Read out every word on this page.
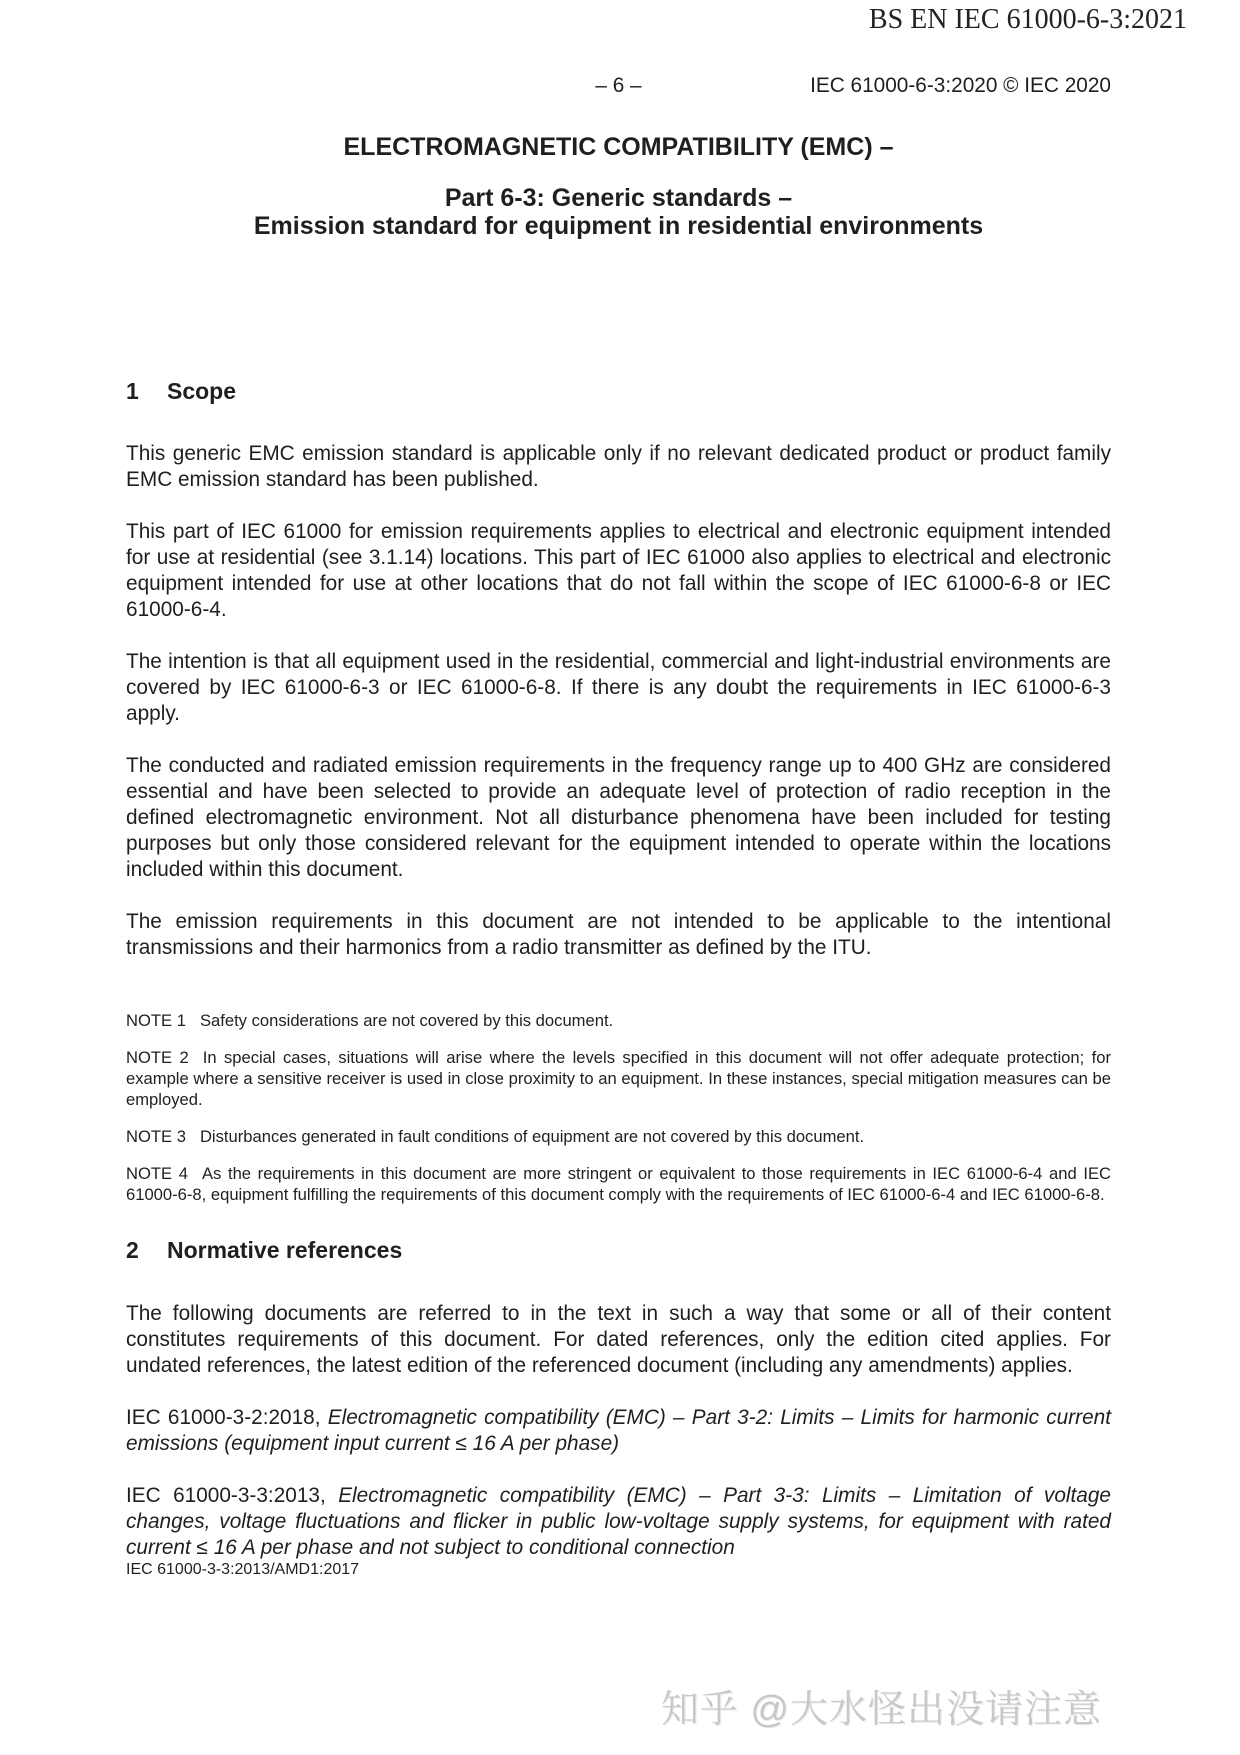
BS EN IEC 61000-6-3:2021
– 6 –	IEC 61000-6-3:2020 © IEC 2020
ELECTROMAGNETIC COMPATIBILITY (EMC) –
Part 6-3: Generic standards –
Emission standard for equipment in residential environments
1 Scope

This generic EMC emission standard is applicable only if no relevant dedicated product or product family EMC emission standard has been published.

This part of IEC 61000 for emission requirements applies to electrical and electronic equipment intended for use at residential (see 3.1.14) locations. This part of IEC 61000 also applies to electrical and electronic equipment intended for use at other locations that do not fall within the scope of IEC 61000-6-8 or IEC 61000-6-4.

The intention is that all equipment used in the residential, commercial and light-industrial environments are covered by IEC 61000-6-3 or IEC 61000-6-8. If there is any doubt the requirements in IEC 61000-6-3 apply.

The conducted and radiated emission requirements in the frequency range up to 400 GHz are considered essential and have been selected to provide an adequate level of protection of radio reception in the defined electromagnetic environment. Not all disturbance phenomena have been included for testing purposes but only those considered relevant for the equipment intended to operate within the locations included within this document.

The emission requirements in this document are not intended to be applicable to the intentional transmissions and their harmonics from a radio transmitter as defined by the ITU.

NOTE 1 Safety considerations are not covered by this document.

NOTE 2 In special cases, situations will arise where the levels specified in this document will not offer adequate protection; for example where a sensitive receiver is used in close proximity to an equipment. In these instances, special mitigation measures can be employed.

NOTE 3 Disturbances generated in fault conditions of equipment are not covered by this document.

NOTE 4 As the requirements in this document are more stringent or equivalent to those requirements in IEC 61000-6-4 and IEC 61000-6-8, equipment fulfilling the requirements of this document comply with the requirements of IEC 61000-6-4 and IEC 61000-6-8.

2 Normative references

The following documents are referred to in the text in such a way that some or all of their content constitutes requirements of this document. For dated references, only the edition cited applies. For undated references, the latest edition of the referenced document (including any amendments) applies.

IEC 61000-3-2:2018, Electromagnetic compatibility (EMC) – Part 3-2: Limits – Limits for harmonic current emissions (equipment input current ≤ 16 A per phase)

IEC 61000-3-3:2013, Electromagnetic compatibility (EMC) – Part 3-3: Limits – Limitation of voltage changes, voltage fluctuations and flicker in public low-voltage supply systems, for equipment with rated current ≤ 16 A per phase and not subject to conditional connection

IEC 61000-3-3:2013/AMD1:2017

知乎 @大水怪出没请注意
